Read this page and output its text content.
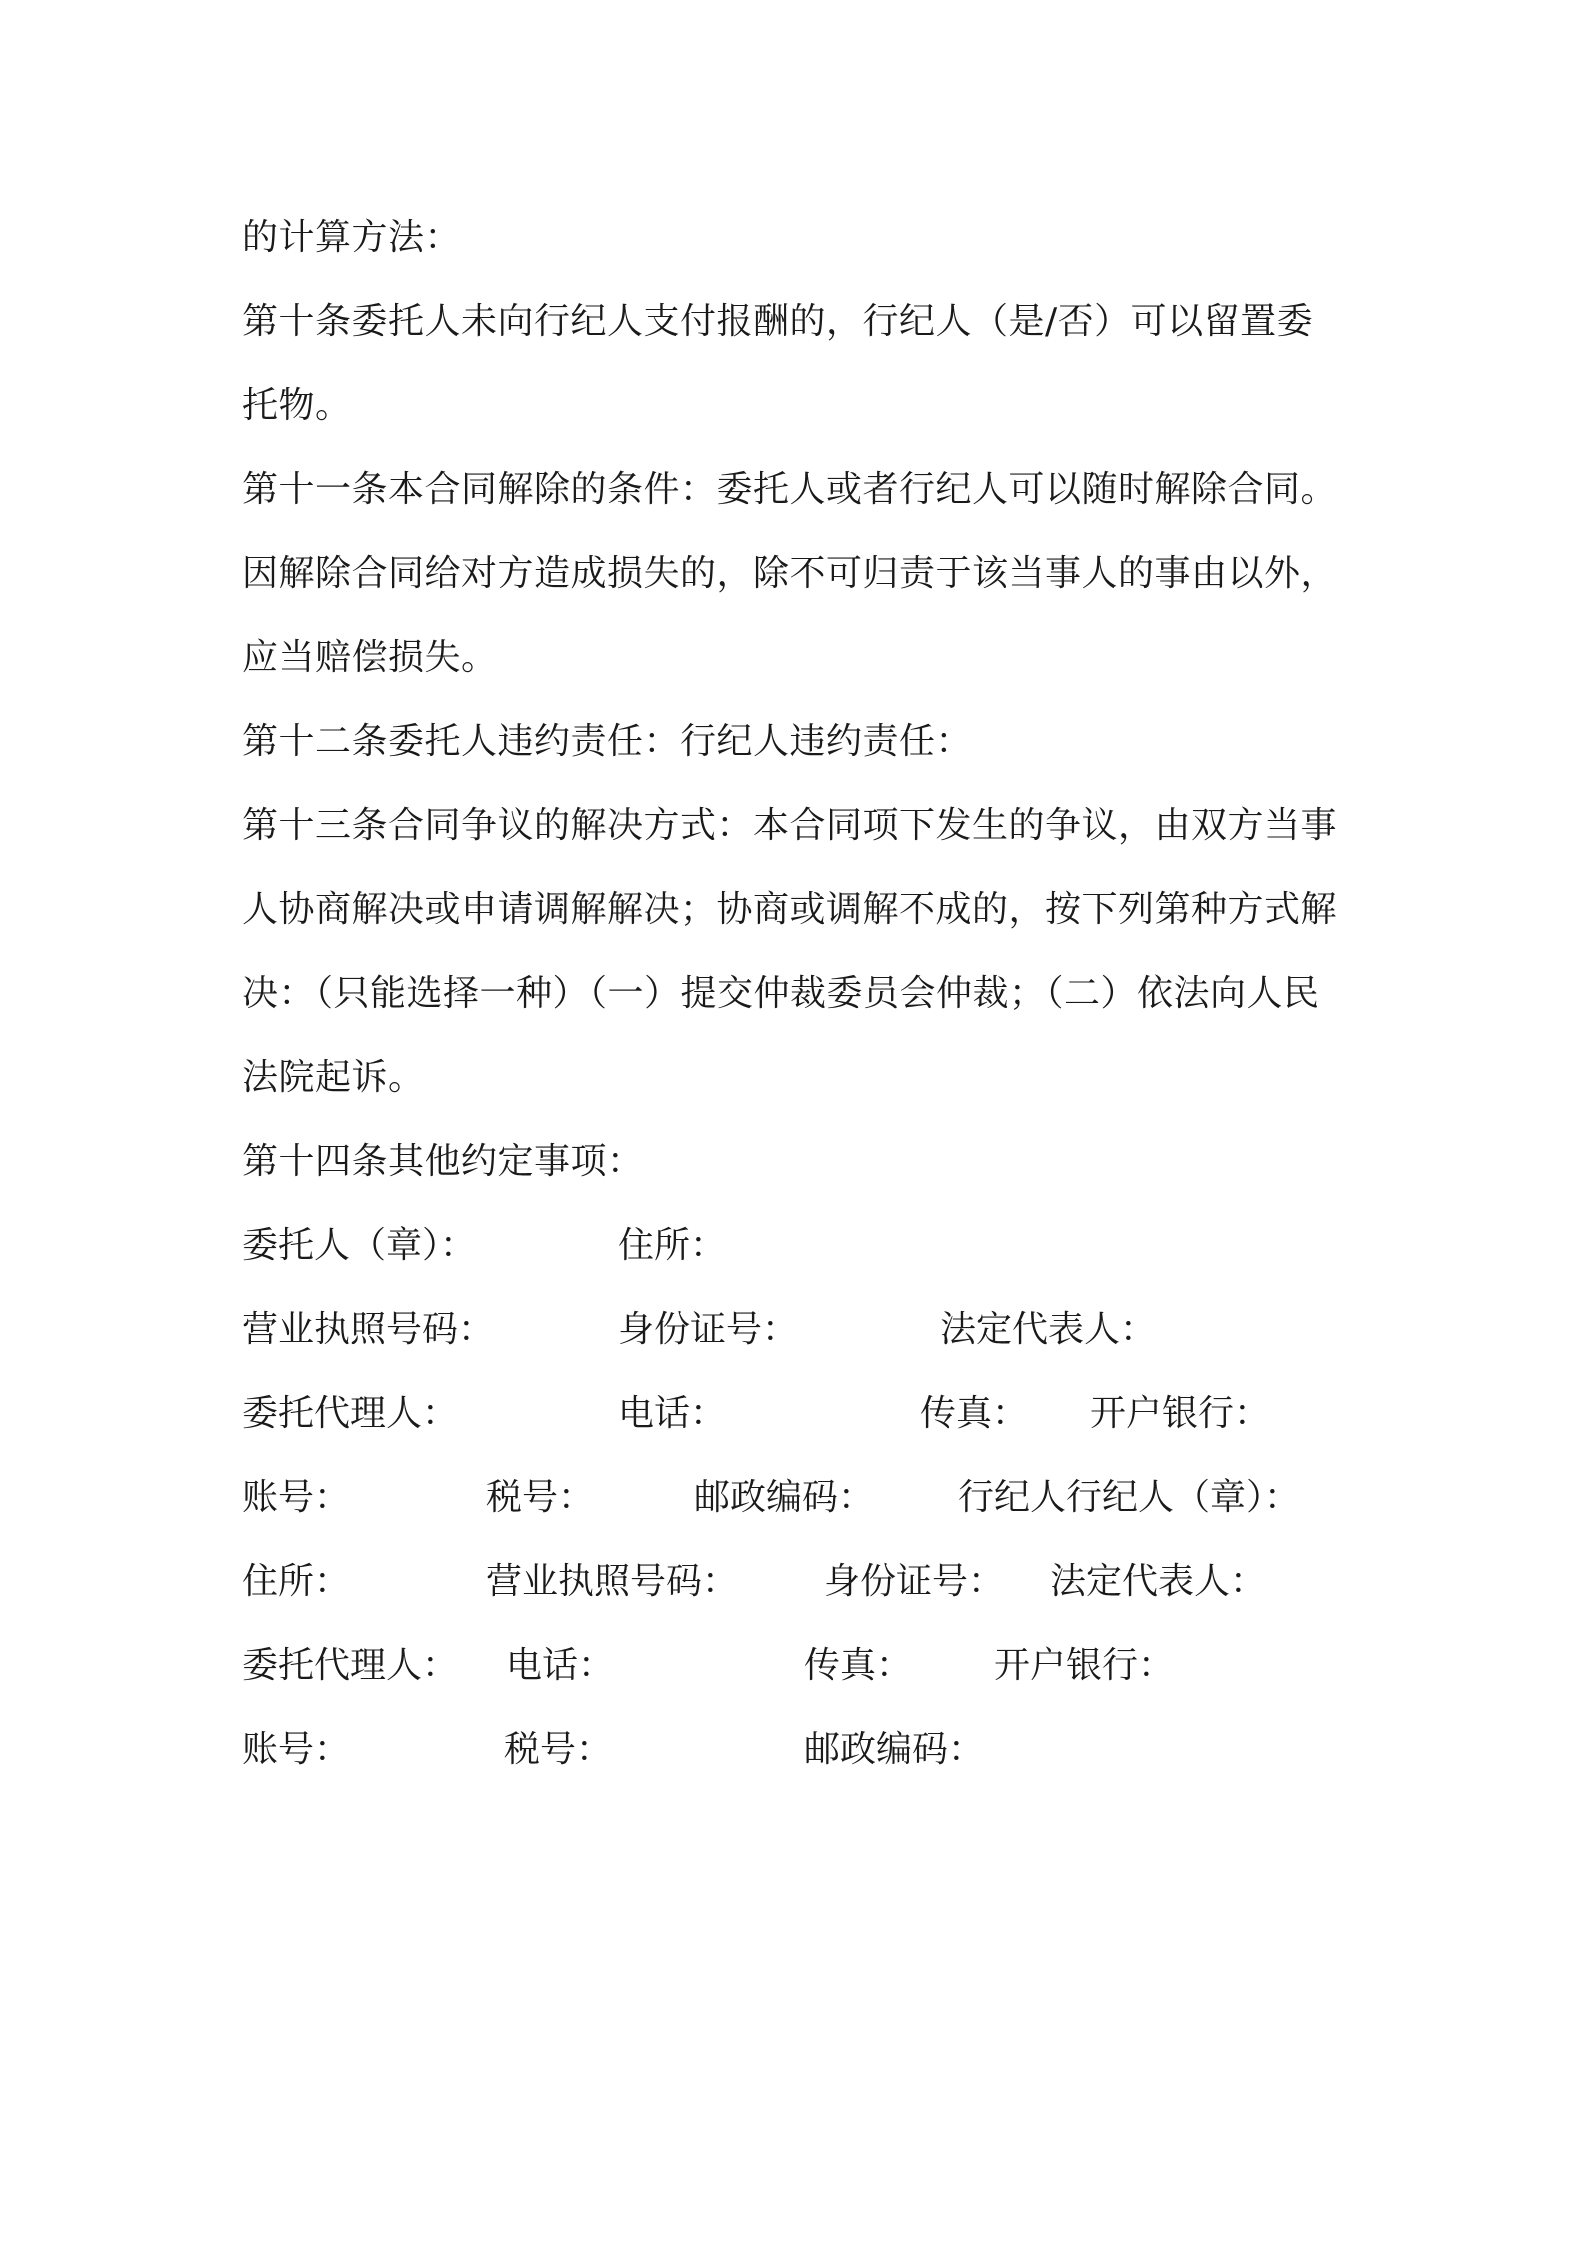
的计算方法：
第十条委托人未向行纪人支付报酬的，行纪人（是/否）可以留置委
托物。
第十一条本合同解除的条件：委托人或者行纪人可以随时解除合同。
因解除合同给对方造成损失的，除不可归责于该当事人的事由以外，
应当赔偿损失。
第十二条委托人违约责任：行纪人违约责任：
第十三条合同争议的解决方式：本合同项下发生的争议，由双方当事
人协商解决或申请调解解决；协商或调解不成的，按下列第种方式解
决：（只能选择一种）（一）提交仲裁委员会仲裁；（二）依法向人民
法院起诉。
第十四条其他约定事项：
委托人（章）：	住所：
营业执照号码：	身份证号：	法定代表人：
委托代理人：	电话：	传真： 开户银行：
账号：	税号：	邮政编码： 行纪人行纪人（章）：
住所：	营业执照号码： 身份证号： 法定代表人：
委托代理人： 电话：	传真： 开户银行：
账号：	税号：	邮政编码：
